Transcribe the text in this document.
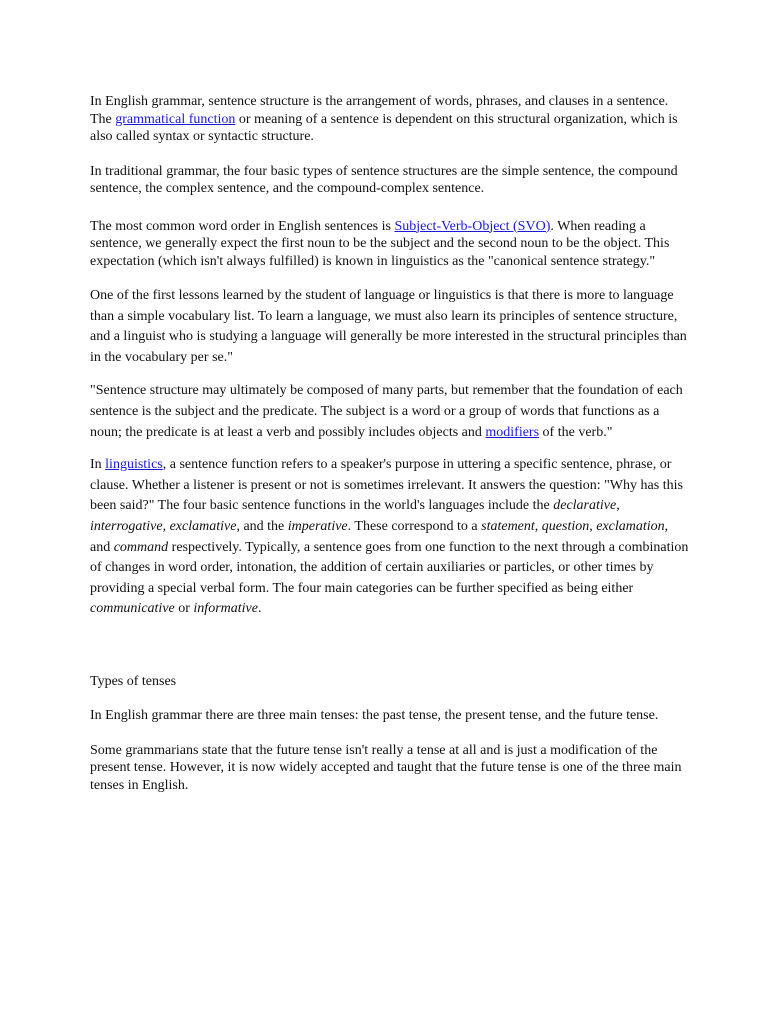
In English grammar, sentence structure is the arrangement of words, phrases, and clauses in a sentence. The grammatical function or meaning of a sentence is dependent on this structural organization, which is also called syntax or syntactic structure.

In traditional grammar, the four basic types of sentence structures are the simple sentence, the compound sentence, the complex sentence, and the compound-complex sentence.

The most common word order in English sentences is Subject-Verb-Object (SVO). When reading a sentence, we generally expect the first noun to be the subject and the second noun to be the object. This expectation (which isn't always fulfilled) is known in linguistics as the "canonical sentence strategy."

One of the first lessons learned by the student of language or linguistics is that there is more to language than a simple vocabulary list. To learn a language, we must also learn its principles of sentence structure, and a linguist who is studying a language will generally be more interested in the structural principles than in the vocabulary per se."

"Sentence structure may ultimately be composed of many parts, but remember that the foundation of each sentence is the subject and the predicate. The subject is a word or a group of words that functions as a noun; the predicate is at least a verb and possibly includes objects and modifiers of the verb."

In linguistics, a sentence function refers to a speaker's purpose in uttering a specific sentence, phrase, or clause. Whether a listener is present or not is sometimes irrelevant. It answers the question: "Why has this been said?" The four basic sentence functions in the world's languages include the declarative, interrogative, exclamative, and the imperative. These correspond to a statement, question, exclamation, and command respectively. Typically, a sentence goes from one function to the next through a combination of changes in word order, intonation, the addition of certain auxiliaries or particles, or other times by providing a special verbal form. The four main categories can be further specified as being either communicative or informative.

Types of tenses

In English grammar there are three main tenses: the past tense, the present tense, and the future tense.

Some grammarians state that the future tense isn't really a tense at all and is just a modification of the present tense. However, it is now widely accepted and taught that the future tense is one of the three main tenses in English.
